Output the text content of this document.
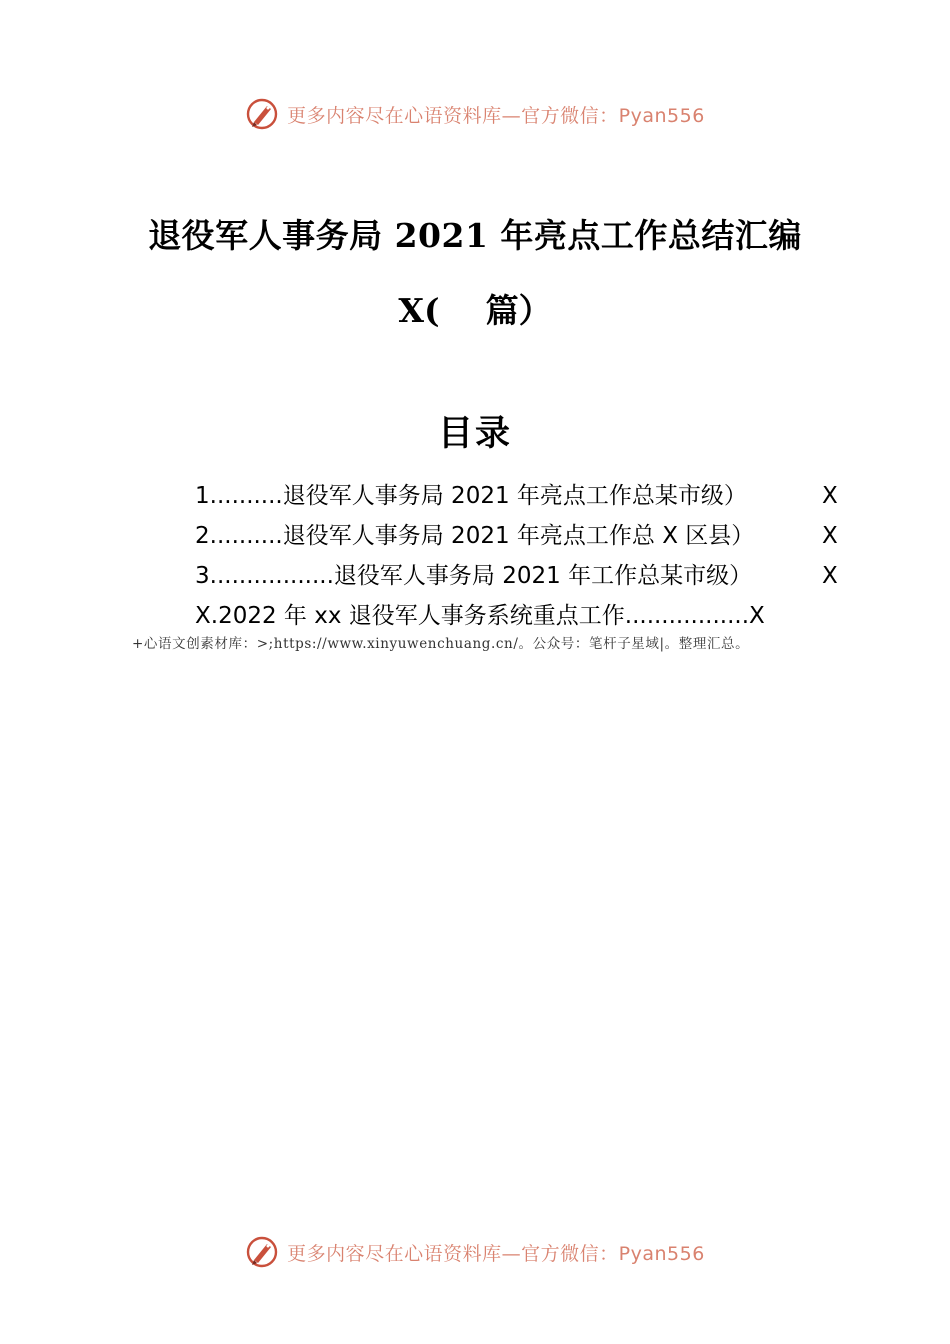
更多内容尽在心语资料库—官方微信：Pyan556
退役军人事务局 2021 年亮点工作总结汇编
X(    篇）
目录
1..........退役军人事务局 2021 年亮点工作总某市级）	X
2..........退役军人事务局 2021 年亮点工作总 X 区县）	X
3.................退役军人事务局 2021 年工作总某市级）	X
X.2022 年 xx 退役军人事务系统重点工作.................X
+心语文创素材库：>;https://www.xinyuwenchuang.cn/。公众号：笔杆子星域|。整理汇总。
更多内容尽在心语资料库—官方微信：Pyan556
